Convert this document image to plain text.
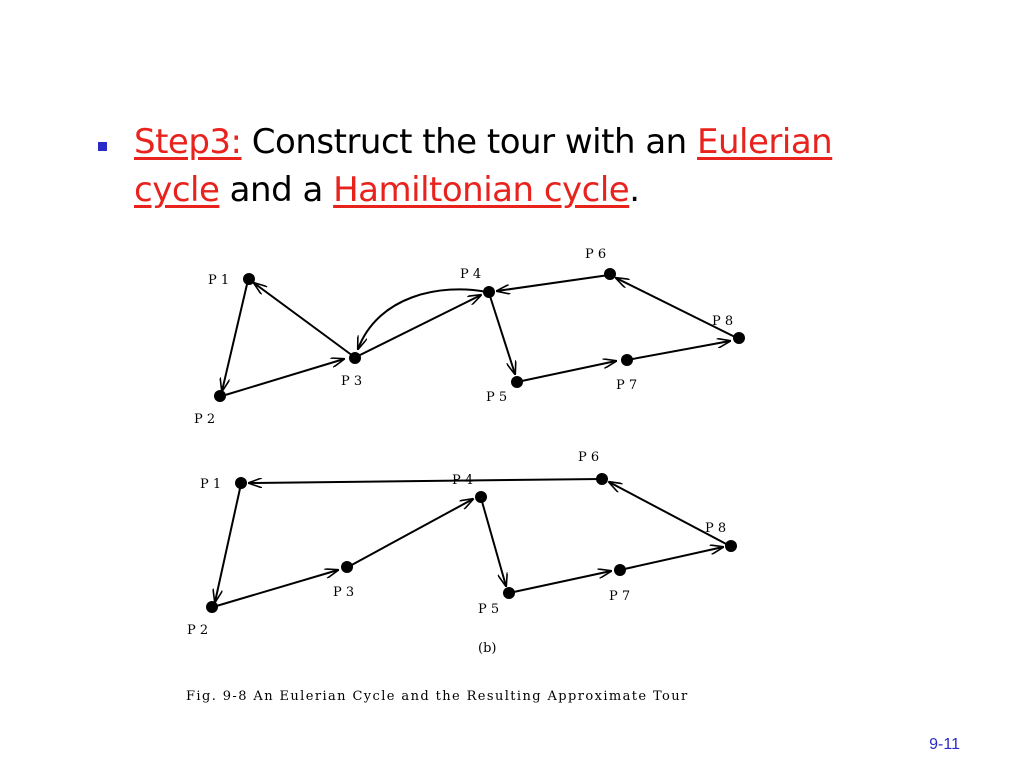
Step3: Construct the tour with an Eulerian cycle and a Hamiltonian cycle.
P 1
P 2
P 3
P 4
P 5
P 6
P 7
P 8
P 1
P 2
P 3
P 4
P 5
P 6
P 7
P 8
(b)
Fig. 9-8 An Eulerian Cycle and the Resulting Approximate Tour
9-11
